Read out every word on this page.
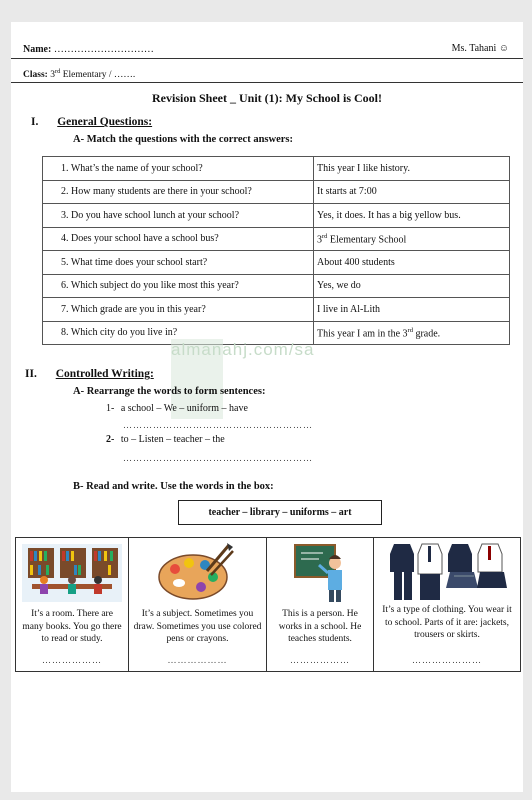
Name: …………………………	Ms. Tahani ☺
Class: 3rd Elementary / …….
Revision Sheet _ Unit (1): My School is Cool!
I. General Questions:
A- Match the questions with the correct answers:
1. What’s the name of your school?	This year I like history.
2. How many students are there in your school?	It starts at 7:00
3. Do you have school lunch at your school?	Yes, it does. It has a big yellow bus.
4. Does your school have a school bus?	3rd Elementary School
5. What time does your school start?	About 400 students
6. Which subject do you like most this year?	Yes, we do
7. Which grade are you in this year?	I live in Al-Lith
8. Which city do you live in?	This year I am in the 3rd grade.
almanahj.com/sa
II. Controlled Writing:
A- Rearrange the words to form sentences:
1- a school – We – uniform – have
…………………………………………………
2- to – Listen – teacher – the
…………………………………………………
B- Read and write. Use the words in the box:
teacher – library – uniforms – art
It’s a room. There are many books. You go there to read or study.
………………
It’s a subject. Sometimes you draw. Sometimes you use colored pens or crayons.
………………
This is a person. He works in a school. He teaches students.
………………
It’s a type of clothing. You wear it to school. Parts of it are: jackets, trousers or skirts.
…………………
